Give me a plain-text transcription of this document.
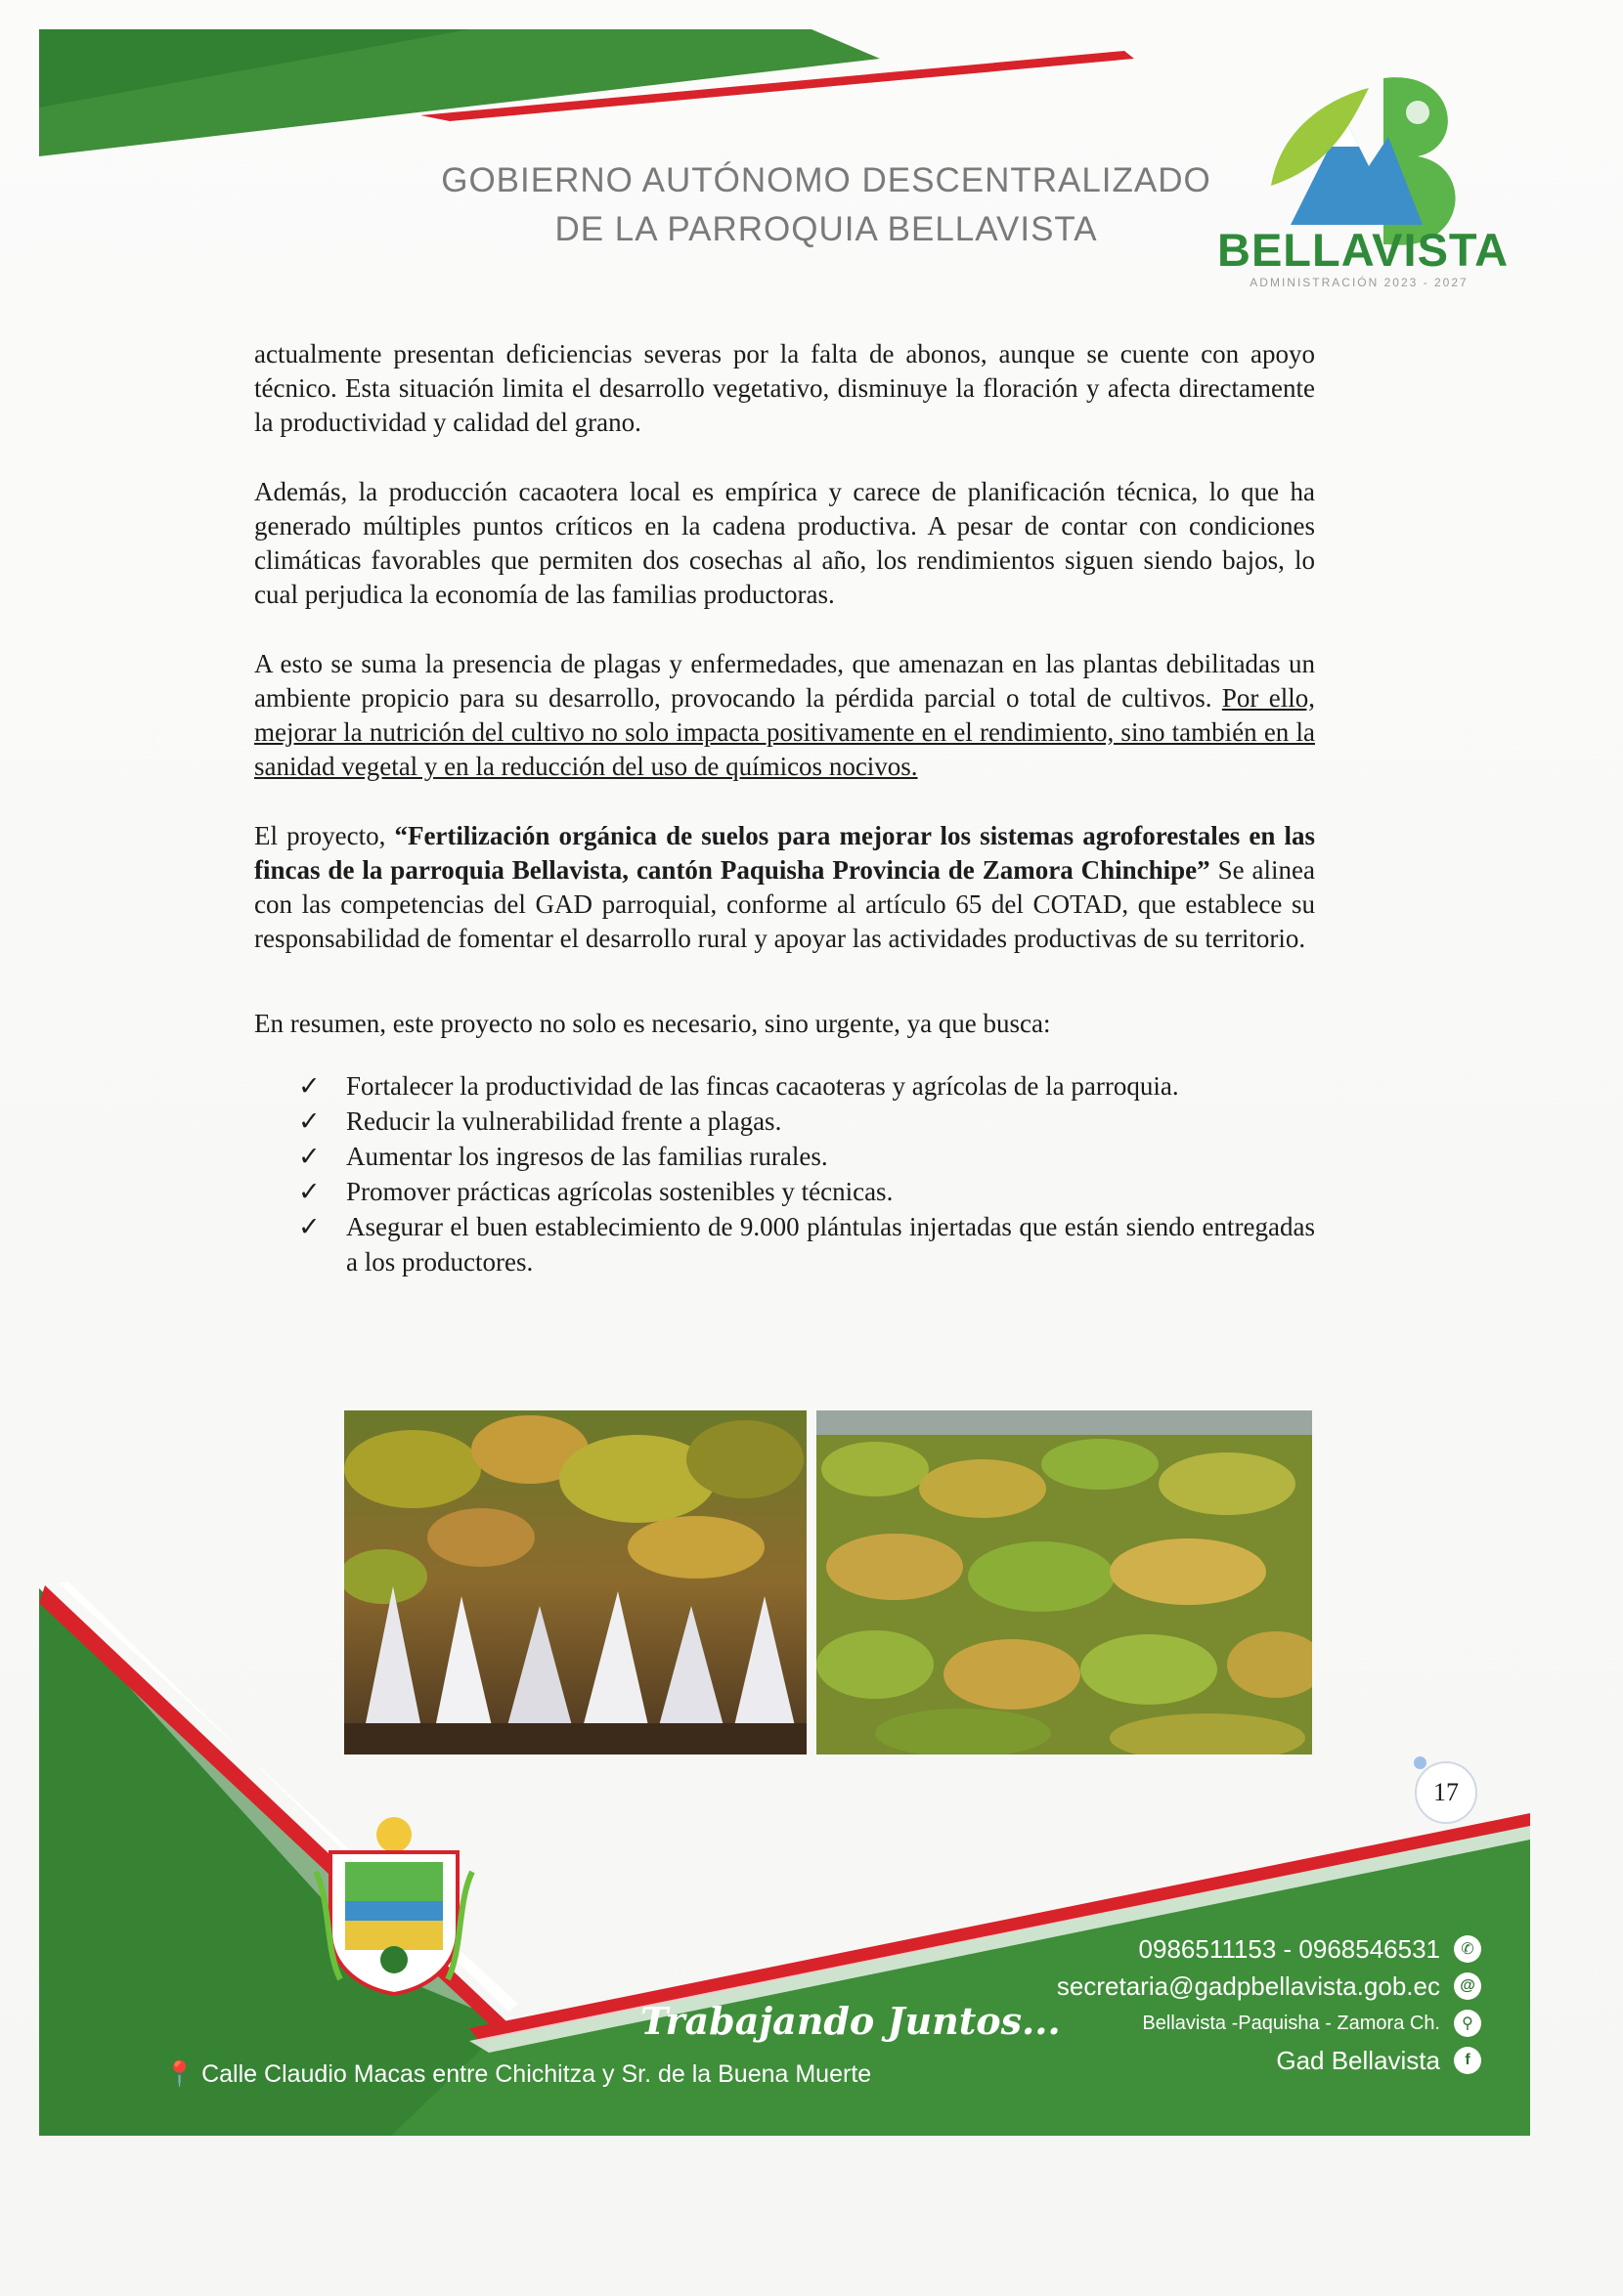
GOBIERNO AUTÓNOMO DESCENTRALIZADO
DE LA PARROQUIA BELLAVISTA	BELLAVISTA
ADMINISTRACIÓN 2023 - 2027

actualmente presentan deficiencias severas por la falta de abonos, aunque se cuente con apoyo técnico. Esta situación limita el desarrollo vegetativo, disminuye la floración y afecta directamente la productividad y calidad del grano.

Además, la producción cacaotera local es empírica y carece de planificación técnica, lo que ha generado múltiples puntos críticos en la cadena productiva. A pesar de contar con condiciones climáticas favorables que permiten dos cosechas al año, los rendimientos siguen siendo bajos, lo cual perjudica la economía de las familias productoras.

A esto se suma la presencia de plagas y enfermedades, que amenazan en las plantas debilitadas un ambiente propicio para su desarrollo, provocando la pérdida parcial o total de cultivos. Por ello, mejorar la nutrición del cultivo no solo impacta positivamente en el rendimiento, sino también en la sanidad vegetal y en la reducción del uso de químicos nocivos.

El proyecto, “Fertilización orgánica de suelos para mejorar los sistemas agroforestales en las fincas de la parroquia Bellavista, cantón Paquisha Provincia de Zamora Chinchipe” Se alinea con las competencias del GAD parroquial, conforme al artículo 65 del COTAD, que establece su responsabilidad de fomentar el desarrollo rural y apoyar las actividades productivas de su territorio.

En resumen, este proyecto no solo es necesario, sino urgente, ya que busca:

✓ Fortalecer la productividad de las fincas cacaoteras y agrícolas de la parroquia.
✓ Reducir la vulnerabilidad frente a plagas.
✓ Aumentar los ingresos de las familias rurales.
✓ Promover prácticas agrícolas sostenibles y técnicas.
✓ Asegurar el buen establecimiento de 9.000 plántulas injertadas que están siendo entregadas a los productores.
Trabajando Juntos...
📍 Calle Claudio Macas entre Chichitza y Sr. de la Buena Muerte
0986511153 - 0968546531	✆
secretaria@gadpbellavista.gob.ec	@
Bellavista -Paquisha - Zamora Ch.	⚲
Gad Bellavista	f
17
